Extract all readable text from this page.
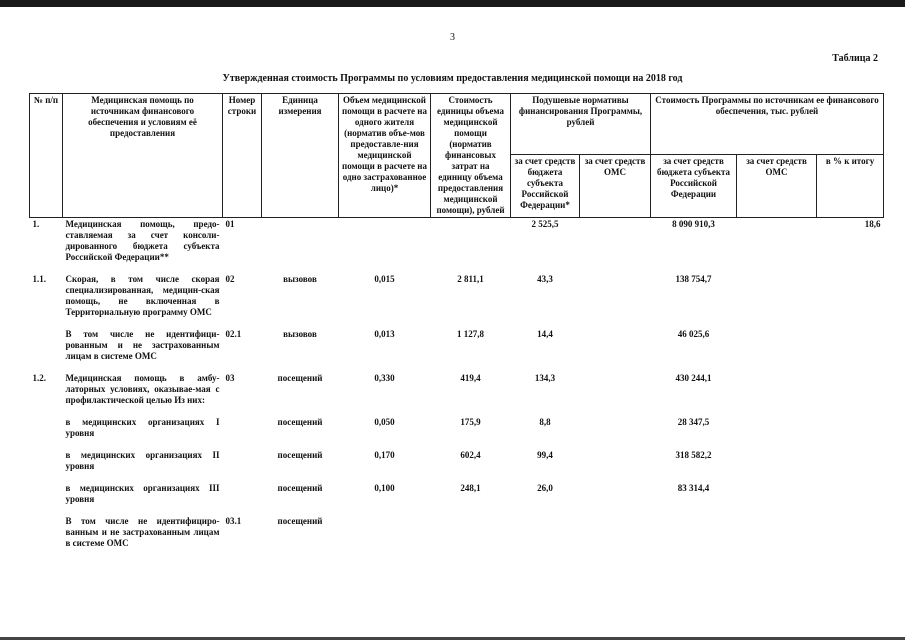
3
Таблица 2
Утвержденная стоимость Программы по условиям предоставления медицинской помощи на 2018 год
№ п/п	Медицинская помощь по источникам финансового обеспечения и условиям её предоставления	Номер строки	Единица измерения	Объем медицинской помощи в расчете на одного жителя (норматив объе-мов предоставле-ния медицинской помощи в расчете на одно застрахованное лицо)*	Стоимость единицы объема медицинской помощи (норматив финансовых затрат на единицу объема предоставления медицинской помощи), рублей	Подушевые нормативы финансирования Программы, рублей		Стоимость Программы по источникам ее финансового обеспечения, тыс. рублей		
						за счет средств бюджета субъекта Российской Федерации*	за счет средств ОМС	за счет средств бюджета субъекта Российской Федерации	за счет средств ОМС	в % к итогу
1.	Медицинская помощь, предо-ставляемая за счет консоли-дированного бюджета субъекта Российской Федерации**	01				2 525,5		8 090 910,3		18,6
1.1.	Скорая, в том числе скорая специализированная, медицин-ская помощь, не включенная в Территориальную программу ОМС	02	вызовов	0,015	2 811,1	43,3		138 754,7		
	В том числе не идентифици-рованным и не застрахованным лицам в системе ОМС	02.1	вызовов	0,013	1 127,8	14,4		46 025,6		
1.2.	Медицинская помощь в амбу-латорных условиях, оказывае-мая с профилактической целью Из них:	03	посещений	0,330	419,4	134,3		430 244,1		
	в медицинских организациях I уровня		посещений	0,050	175,9	8,8		28 347,5		
	в медицинских организациях II уровня		посещений	0,170	602,4	99,4		318 582,2		
	в медицинских организациях III уровня		посещений	0,100	248,1	26,0		83 314,4		
	В том числе не идентифициро-ванным и не застрахованным лицам в системе ОМС	03.1	посещений							
